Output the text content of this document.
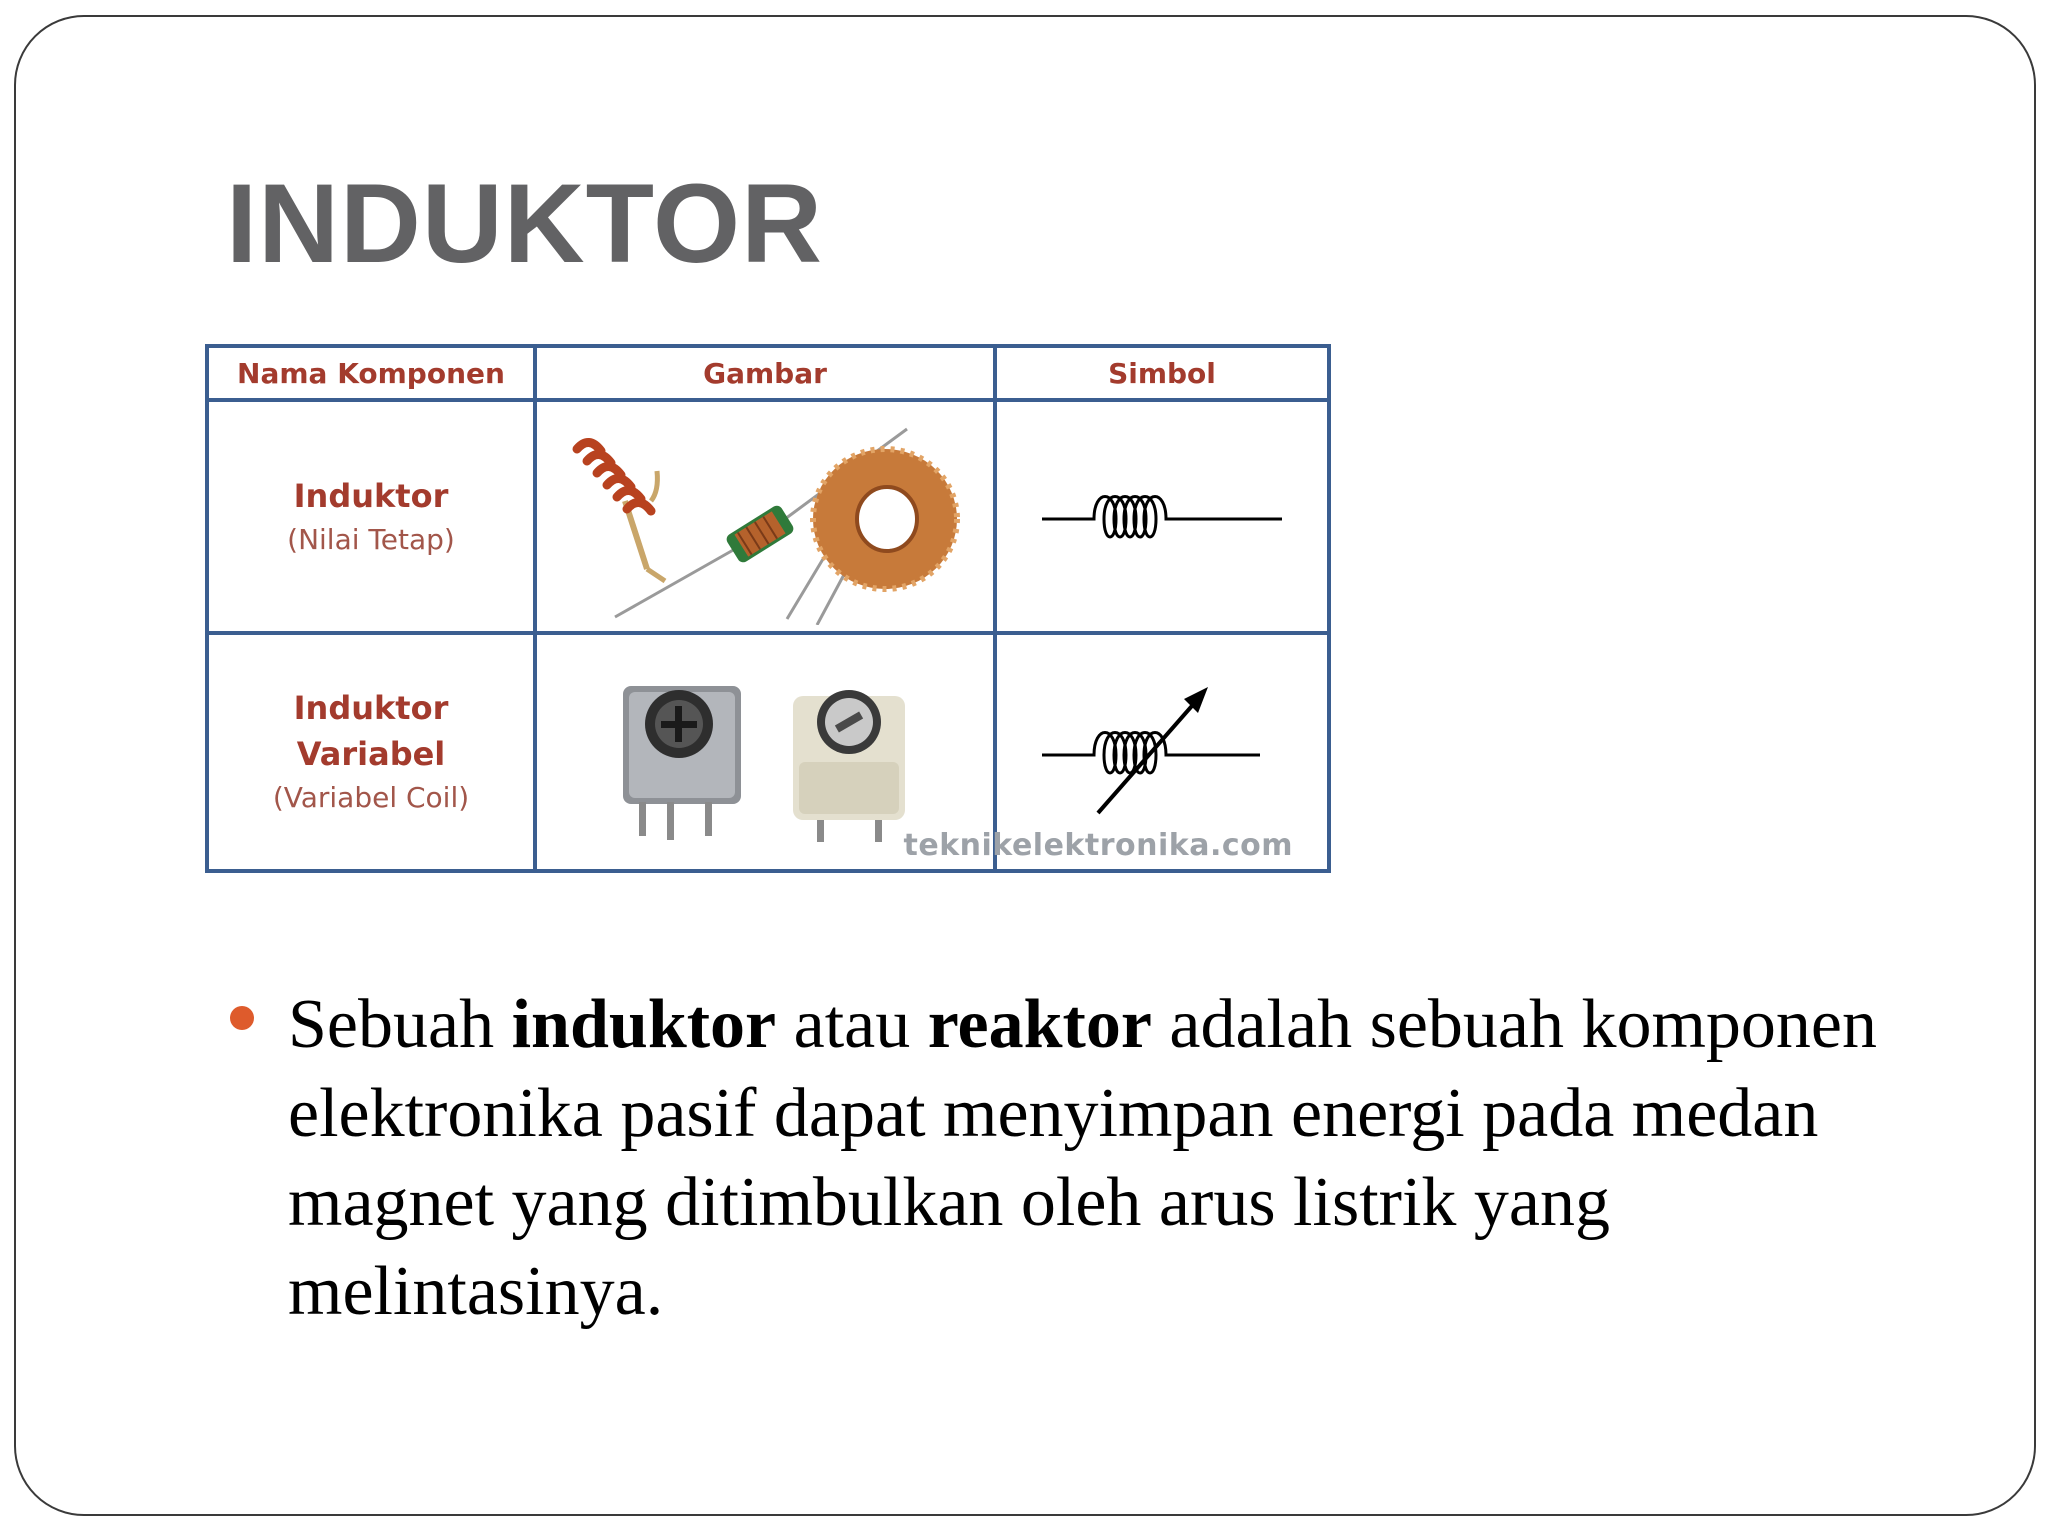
INDUKTOR
Nama Komponen	Gambar	Simbol

Induktor
(Nilai Tetap)

Induktor
Variabel
(Variabel Coil)

teknikelektronika.com

Sebuah induktor atau reaktor adalah sebuah komponen elektronika pasif dapat menyimpan energi pada medan magnet yang ditimbulkan oleh arus listrik yang melintasinya.
